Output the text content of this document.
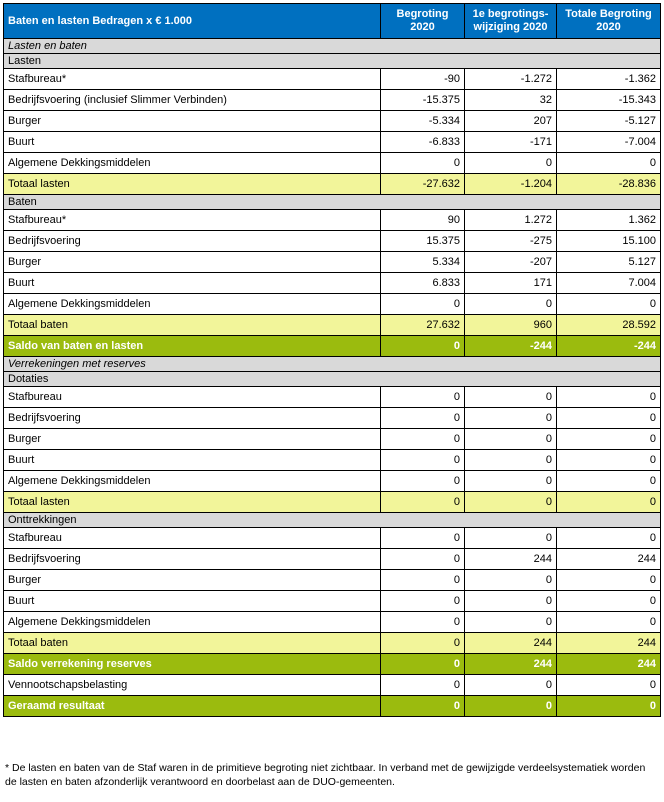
Baten en lasten Bedragen x € 1.000	Begroting 2020	1e begrotings-wijziging 2020	Totale Begroting 2020
Lasten en baten			
Lasten			
Stafbureau*	-90	-1.272	-1.362
Bedrijfsvoering (inclusief Slimmer Verbinden)	-15.375	32	-15.343
Burger	-5.334	207	-5.127
Buurt	-6.833	-171	-7.004
Algemene Dekkingsmiddelen	0	0	0
Totaal lasten	-27.632	-1.204	-28.836
Baten			
Stafbureau*	90	1.272	1.362
Bedrijfsvoering	15.375	-275	15.100
Burger	5.334	-207	5.127
Buurt	6.833	171	7.004
Algemene Dekkingsmiddelen	0	0	0
Totaal baten	27.632	960	28.592
Saldo van baten en lasten	0	-244	-244
Verrekeningen met reserves			
Dotaties			
Stafbureau	0	0	0
Bedrijfsvoering	0	0	0
Burger	0	0	0
Buurt	0	0	0
Algemene Dekkingsmiddelen	0	0	0
Totaal lasten	0	0	0
Onttrekkingen			
Stafbureau	0	0	0
Bedrijfsvoering	0	244	244
Burger	0	0	0
Buurt	0	0	0
Algemene Dekkingsmiddelen	0	0	0
Totaal baten	0	244	244
Saldo verrekening reserves	0	244	244
Vennootschapsbelasting	0	0	0
Geraamd resultaat	0	0	0
* De lasten en baten van de Staf waren in de primitieve begroting niet zichtbaar. In verband met de gewijzigde verdeelsystematiek worden de lasten en baten afzonderlijk verantwoord en doorbelast aan de DUO-gemeenten.
